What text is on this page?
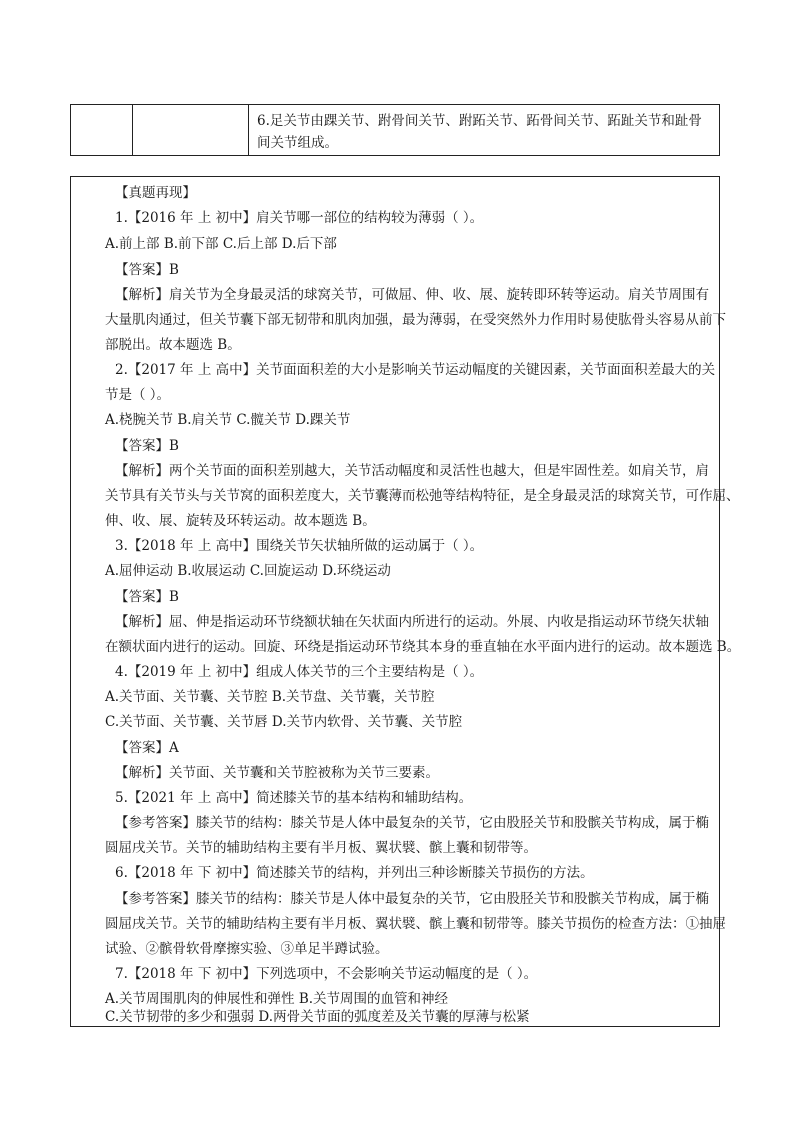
6.足关节由踝关节、跗骨间关节、跗跖关节、跖骨间关节、跖趾关节和趾骨
间关节组成。
【真题再现】
1.【2016 年 上 初中】肩关节哪一部位的结构较为薄弱（ ）。
A.前上部 B.前下部 C.后上部 D.后下部
【答案】B
【解析】肩关节为全身最灵活的球窝关节，可做屈、伸、收、展、旋转即环转等运动。肩关节周围有
大量肌肉通过，但关节囊下部无韧带和肌肉加强，最为薄弱，在受突然外力作用时易使肱骨头容易从前下
部脱出。故本题选 B。
2.【2017 年 上 高中】关节面面积差的大小是影响关节运动幅度的关键因素，关节面面积差最大的关
节是（ ）。
A.桡腕关节 B.肩关节 C.髋关节 D.踝关节
【答案】B
【解析】两个关节面的面积差别越大，关节活动幅度和灵活性也越大，但是牢固性差。如肩关节，肩
关节具有关节头与关节窝的面积差度大，关节囊薄而松弛等结构特征，是全身最灵活的球窝关节，可作屈、
伸、收、展、旋转及环转运动。故本题选 B。
3.【2018 年 上 高中】围绕关节矢状轴所做的运动属于（ ）。
A.屈伸运动 B.收展运动 C.回旋运动 D.环绕运动
【答案】B
【解析】屈、伸是指运动环节绕额状轴在矢状面内所进行的运动。外展、内收是指运动环节绕矢状轴
在额状面内进行的运动。回旋、环绕是指运动环节绕其本身的垂直轴在水平面内进行的运动。故本题选 B。
4.【2019 年 上 初中】组成人体关节的三个主要结构是（ ）。
A.关节面、关节囊、关节腔 B.关节盘、关节囊，关节腔
C.关节面、关节囊、关节唇 D.关节内软骨、关节囊、关节腔
【答案】A
【解析】关节面、关节囊和关节腔被称为关节三要素。
5.【2021 年 上 高中】简述膝关节的基本结构和辅助结构。
【参考答案】膝关节的结构：膝关节是人体中最复杂的关节，它由股胫关节和股髌关节构成，属于椭
圆屈戌关节。关节的辅助结构主要有半月板、翼状襞、髌上囊和韧带等。
6.【2018 年 下 初中】简述膝关节的结构，并列出三种诊断膝关节损伤的方法。
【参考答案】膝关节的结构：膝关节是人体中最复杂的关节，它由股胫关节和股髌关节构成，属于椭
圆屈戌关节。关节的辅助结构主要有半月板、翼状襞、髌上囊和韧带等。膝关节损伤的检查方法：①抽屉
试验、②髌骨软骨摩擦实验、③单足半蹲试验。
7.【2018 年 下 初中】下列选项中，不会影响关节运动幅度的是（ ）。
A.关节周围肌肉的伸展性和弹性 B.关节周围的血管和神经
C.关节韧带的多少和强弱 D.两骨关节面的弧度差及关节囊的厚薄与松紧
